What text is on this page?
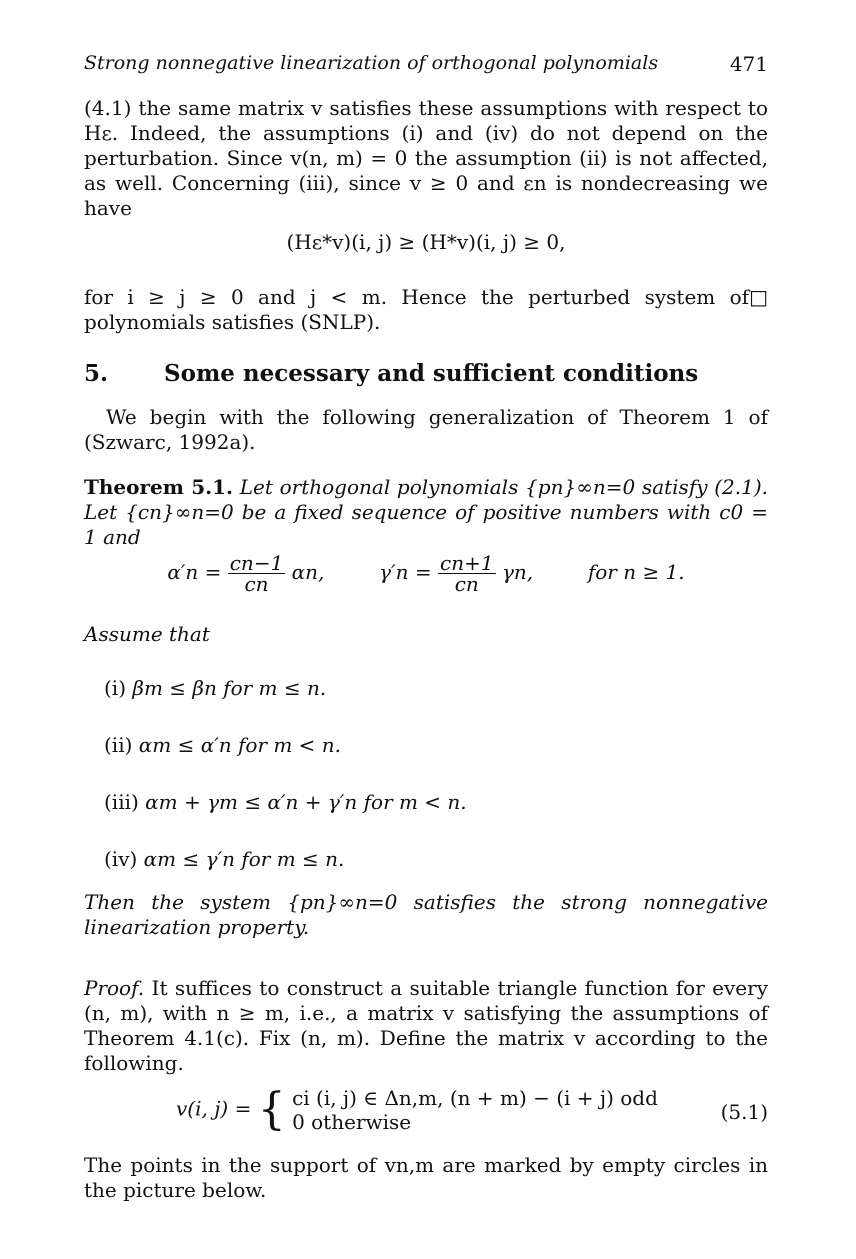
Strong nonnegative linearization of orthogonal polynomials	471

(4.1) the same matrix v satisfies these assumptions with respect to Hε. Indeed, the assumptions (i) and (iv) do not depend on the perturbation. Since v(n, m) = 0 the assumption (ii) is not affected, as well. Concerning (iii), since v ≥ 0 and εn is nondecreasing we have

(Hε*v)(i, j) ≥ (H*v)(i, j) ≥ 0,

□
for i ≥ j ≥ 0 and j < m. Hence the perturbed system of polynomials satisfies (SNLP).

5. Some necessary and sufficient conditions

We begin with the following generalization of Theorem 1 of (Szwarc, 1992a).

Theorem 5.1. Let orthogonal polynomials {pn}∞n=0 satisfy (2.1). Let {cn}∞n=0 be a fixed sequence of positive numbers with c0 = 1 and

$\alpha'n = \frac{cn-1}{cn} \alpha n$,	$\gamma'n = \frac{cn+1}{cn} \gamma n$,	for n ≥ 1.

Assume that

(i) βm ≤ βn for m ≤ n.
(ii) αm ≤ α′n for m < n.
(iii) αm + γm ≤ α′n + γ′n for m < n.
(iv) αm ≤ γ′n for m ≤ n.

Then the system {pn}∞n=0 satisfies the strong nonnegative linearization property.

Proof. It suffices to construct a suitable triangle function for every (n, m), with n ≥ m, i.e., a matrix v satisfying the assumptions of Theorem 4.1(c). Fix (n, m). Define the matrix v according to the following.

v(i, j) = { ci (i, j) ∈ Δn,m, (n + m) − (i + j) odd
0 otherwise	(5.1)

The points in the support of vn,m are marked by empty circles in the picture below.
